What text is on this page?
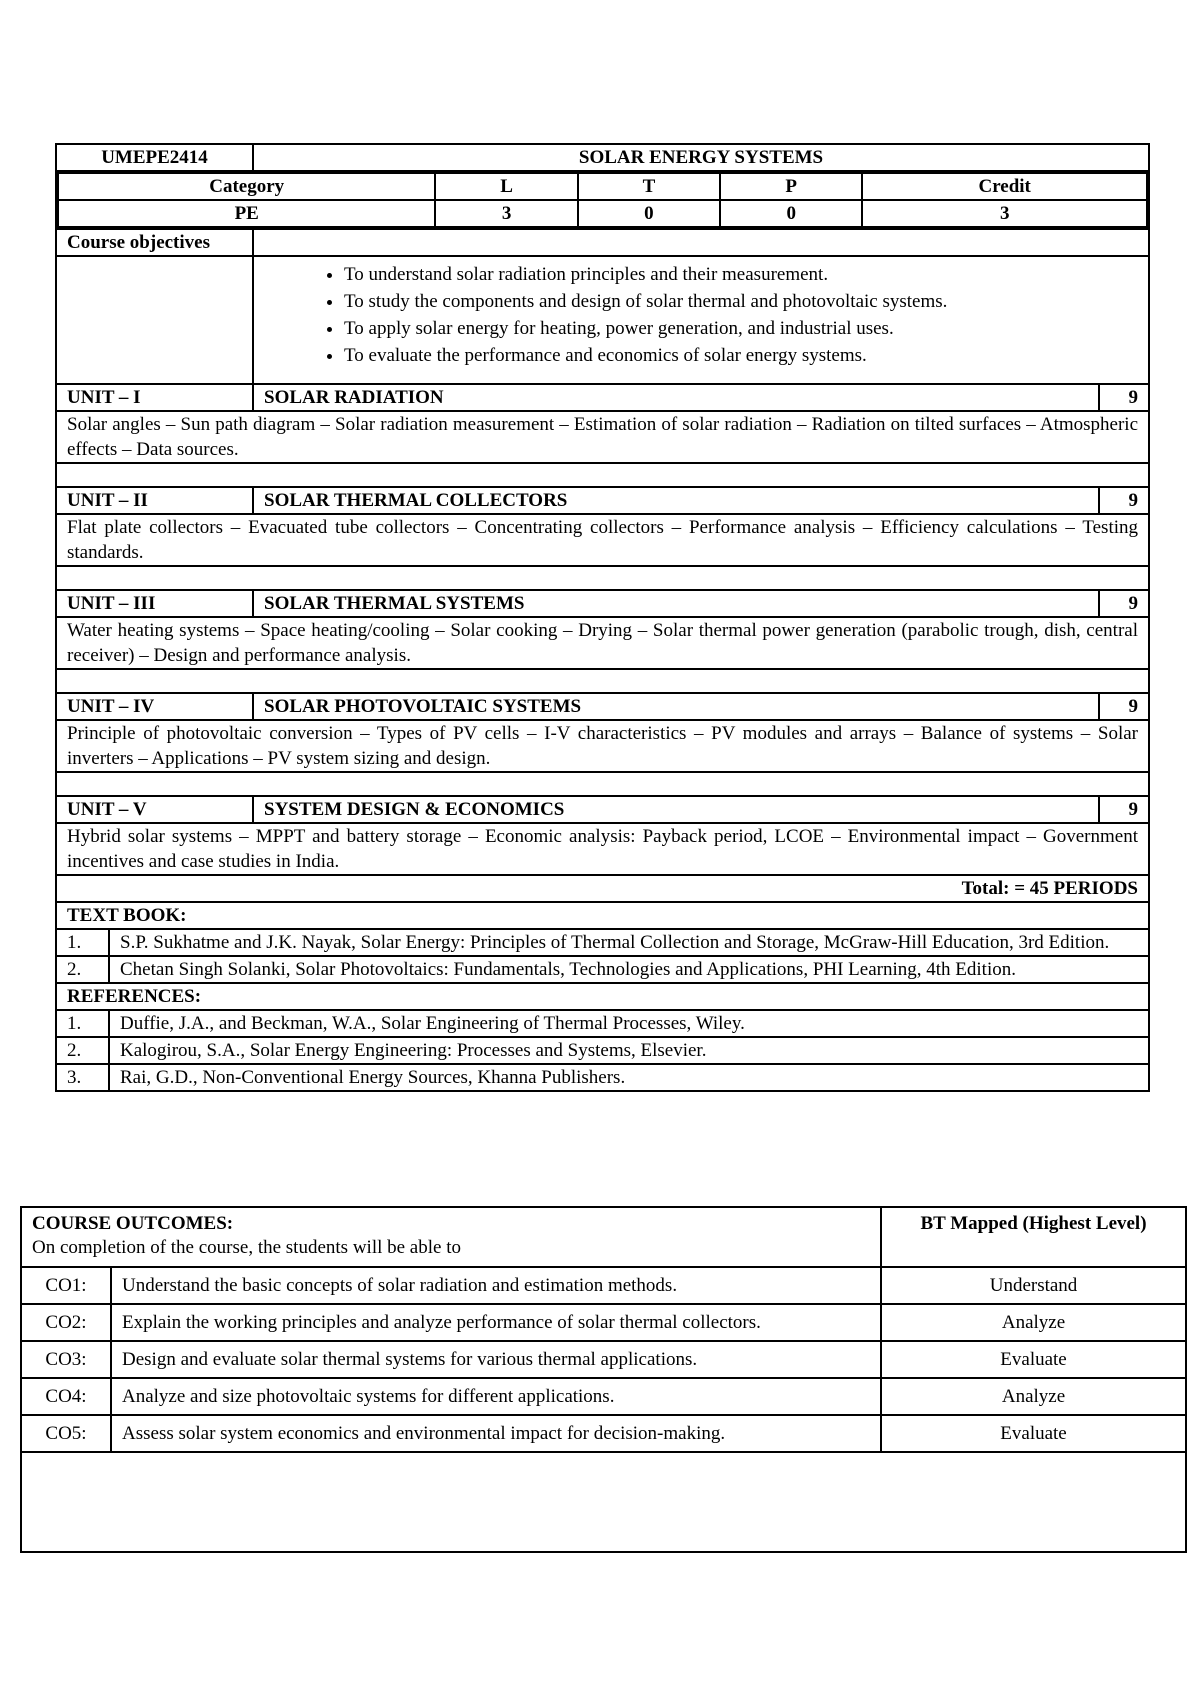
UMEPE2414	SOLAR ENERGY SYSTEMS

Category	L	T	P	Credit
PE	3	0	0	3

Course objectives	

• To understand solar radiation principles and their measurement.
• To study the components and design of solar thermal and photovoltaic systems.
• To apply solar energy for heating, power generation, and industrial uses.
• To evaluate the performance and economics of solar energy systems.

UNIT – I	SOLAR RADIATION	9
Solar angles – Sun path diagram – Solar radiation measurement – Estimation of solar radiation – Radiation on tilted surfaces – Atmospheric effects – Data sources.

UNIT – II	SOLAR THERMAL COLLECTORS	9
Flat plate collectors – Evacuated tube collectors – Concentrating collectors – Performance analysis – Efficiency calculations – Testing standards.

UNIT – III	SOLAR THERMAL SYSTEMS	9
Water heating systems – Space heating/cooling – Solar cooking – Drying – Solar thermal power generation (parabolic trough, dish, central receiver) – Design and performance analysis.

UNIT – IV	SOLAR PHOTOVOLTAIC SYSTEMS	9
Principle of photovoltaic conversion – Types of PV cells – I-V characteristics – PV modules and arrays – Balance of systems – Solar inverters – Applications – PV system sizing and design.

UNIT – V	SYSTEM DESIGN & ECONOMICS	9
Hybrid solar systems – MPPT and battery storage – Economic analysis: Payback period, LCOE – Environmental impact – Government incentives and case studies in India.
Total: = 45 PERIODS
TEXT BOOK:

1.	S.P. Sukhatme and J.K. Nayak, Solar Energy: Principles of Thermal Collection and Storage, McGraw-Hill Education, 3rd Edition.

2.	Chetan Singh Solanki, Solar Photovoltaics: Fundamentals, Technologies and Applications, PHI Learning, 4th Edition.

REFERENCES:

1.	Duffie, J.A., and Beckman, W.A., Solar Engineering of Thermal Processes, Wiley.

2.	Kalogirou, S.A., Solar Energy Engineering: Processes and Systems, Elsevier.

3.	Rai, G.D., Non-Conventional Energy Sources, Khanna Publishers.
COURSE OUTCOMES:
On completion of the course, the students will be able to		BT Mapped (Highest Level)
CO1:	Understand the basic concepts of solar radiation and estimation methods.	Understand
CO2:	Explain the working principles and analyze performance of solar thermal collectors.	Analyze
CO3:	Design and evaluate solar thermal systems for various thermal applications.	Evaluate
CO4:	Analyze and size photovoltaic systems for different applications.	Analyze
CO5:	Assess solar system economics and environmental impact for decision-making.	Evaluate
